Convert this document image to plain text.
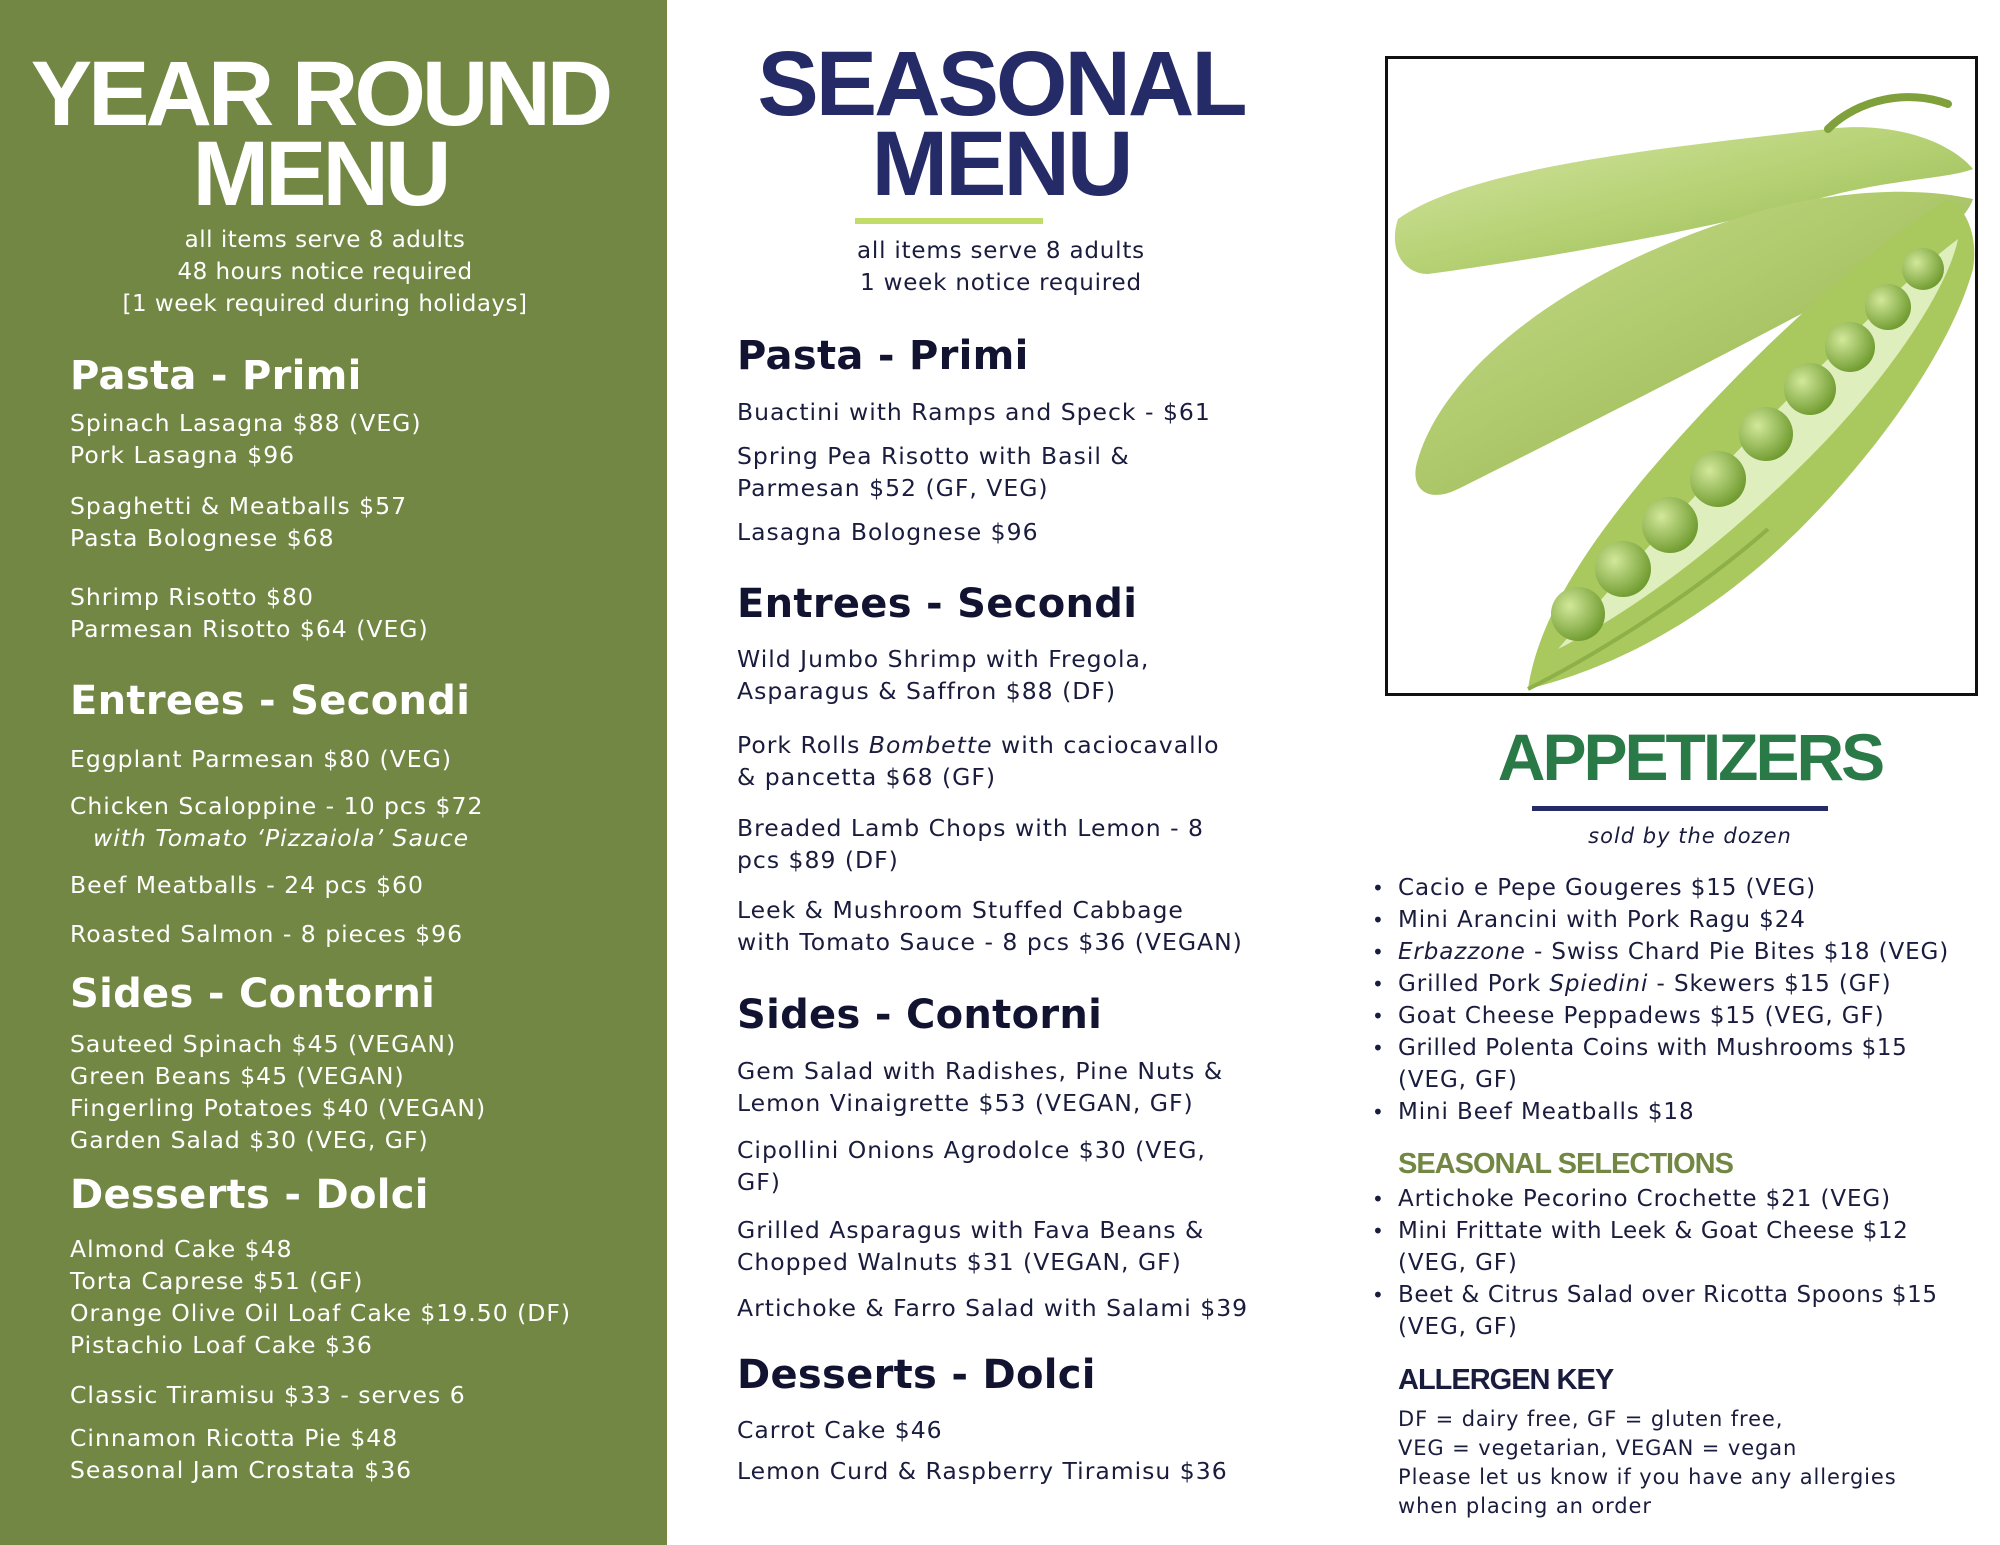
YEAR ROUND
MENU
all items serve 8 adults
48 hours notice required
[1 week required during holidays]
Pasta - Primi
Spinach Lasagna $88 (VEG)
Pork Lasagna $96
Spaghetti & Meatballs $57
Pasta Bolognese $68
Shrimp Risotto $80
Parmesan Risotto $64 (VEG)
Entrees - Secondi
Eggplant Parmesan $80 (VEG)
Chicken Scaloppine - 10 pcs $72
with Tomato ‘Pizzaiola’ Sauce
Beef Meatballs - 24 pcs $60
Roasted Salmon - 8 pieces $96
Sides - Contorni
Sauteed Spinach $45 (VEGAN)
Green Beans $45 (VEGAN)
Fingerling Potatoes $40 (VEGAN)
Garden Salad $30 (VEG, GF)
Desserts - Dolci
Almond Cake $48
Torta Caprese $51 (GF)
Orange Olive Oil Loaf Cake $19.50 (DF)
Pistachio Loaf Cake $36
Classic Tiramisu $33 - serves 6
Cinnamon Ricotta Pie $48
Seasonal Jam Crostata $36
SEASONAL
MENU
all items serve 8 adults
1 week notice required
Pasta - Primi
Buactini with Ramps and Speck - $61
Spring Pea Risotto with Basil &
Parmesan $52 (GF, VEG)
Lasagna Bolognese $96
Entrees - Secondi
Wild Jumbo Shrimp with Fregola,
Asparagus & Saffron $88 (DF)
Pork Rolls Bombette with caciocavallo
& pancetta $68 (GF)
Breaded Lamb Chops with Lemon - 8
pcs $89 (DF)
Leek & Mushroom Stuffed Cabbage
with Tomato Sauce - 8 pcs $36 (VEGAN)
Sides - Contorni
Gem Salad with Radishes, Pine Nuts &
Lemon Vinaigrette $53 (VEGAN, GF)
Cipollini Onions Agrodolce $30 (VEG,
GF)
Grilled Asparagus with Fava Beans &
Chopped Walnuts $31 (VEGAN, GF)
Artichoke & Farro Salad with Salami $39
Desserts - Dolci
Carrot Cake $46
Lemon Curd & Raspberry Tiramisu $36
APPETIZERS
sold by the dozen
• Cacio e Pepe Gougeres $15 (VEG)
• Mini Arancini with Pork Ragu $24
• Erbazzone - Swiss Chard Pie Bites $18 (VEG)
• Grilled Pork Spiedini - Skewers $15 (GF)
• Goat Cheese Peppadews $15 (VEG, GF)
• Grilled Polenta Coins with Mushrooms $15
(VEG, GF)
• Mini Beef Meatballs $18
SEASONAL SELECTIONS
• Artichoke Pecorino Crochette $21 (VEG)
• Mini Frittate with Leek & Goat Cheese $12
(VEG, GF)
• Beet & Citrus Salad over Ricotta Spoons $15
(VEG, GF)
ALLERGEN KEY
DF = dairy free, GF = gluten free,
VEG = vegetarian, VEGAN = vegan
Please let us know if you have any allergies
when placing an order
